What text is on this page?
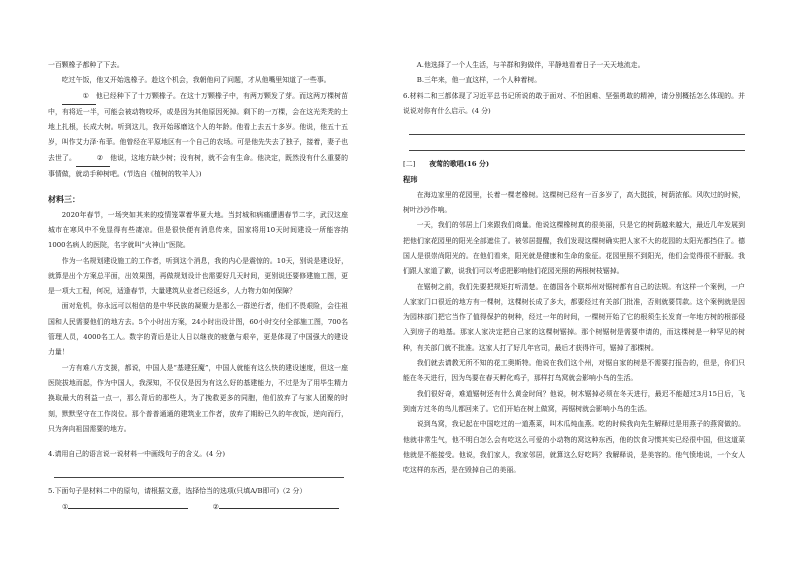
一百颗橡子都种了下去。

吃过午饭，他又开始选橡子。趁这个机会，我朝他问了问题，才从他嘴里知道了一些事。

① 他已经种下了十万颗橡子。在这十万颗橡子中，有两万颗发了芽。而这两万棵树苗中，有将近一半，可能会被动物咬坏，或是因为其他原因死掉。剩下的一万棵，会在这光秃秃的土地上扎根，长成大树。听到这儿，我开始琢磨这个人的年龄。他看上去五十多岁。他说，他五十五岁，叫作艾力泽·布菲。他曾经在平原地区有一个自己的农场。可是他先失去了独子，接着，妻子也去世了。	② 他说，这地方缺少树；没有树，就不会有生命。他决定，既然没有什么重要的事情做，就动手种树吧。(节选自《植树的牧羊人》)

材料三：

2020年春节，一场突如其来的疫情笼罩着华夏大地。当封城和病痛遭遇春节二字，武汉这座城市在寒风中不免显得有些凄凉。但是很快便有消息传来，国家将用10天时间建设一所能容纳1000名病人的医院，名字就叫“火神山”医院。

作为一名规划建设施工的工作者，听到这个消息，我的内心是震惊的。10天，别说是建设好，就算是出个方案总平面，出效果图，再做规划设计也需要好几天时间，更别说还要修建施工图，更是一项大工程，何况，适逢春节，大量建筑从业者已经返乡，人力物力如何保障？

面对危机，你永远可以相信的是中华民族的凝聚力是那么一群逆行者，他们不畏艰险，会往祖国和人民需要他们的地方去。5个小时出方案，24小时出设计图，60小时交付全部施工图，700名管理人员，4000名工人。数字的背后是让人日以继夜的疲惫与艰辛，更是体现了中国强大的建设力量！

一方有难八方支援，都说，中国人是“基建狂魔”，中国人就能有这么快的建设速度，但这一座医院拔地而起，作为中国人，我深知，不仅仅是因为有这么好的基建能力，不过是为了用毕生精力换取最大的利益一点一，那么背后的那些人，为了挽救更多的同胞，他们放弃了与家人团聚的时刻，默默坚守在工作岗位。那个普普通通的建筑业工作者，放弃了期盼已久的年夜饭，逆向而行，只为奔向祖国需要的地方。

4.请用自己的语言说一说材料一中画线句子的含义。(4 分)

5.下面句子是材料二中的原句，请根据文意，选择恰当的选项(只填A/B即可)（2 分）

①	②

A.他选择了一个人生活，与羊群和狗做伴，平静地看着日子一天天地流走。

B.三年来，他一直这样，一个人种着树。

6.材料二和三都体现了习近平总书记所说的敢于面对、不怕困难、坚强勇敢的精神，请分别概括怎么体现的。并说说对你有什么启示。(4 分)

[二] 夜莺的歌唱(16 分)

程玮

在海边家里的花园里，长着一棵老橡树。这棵树已经有一百多岁了，高大挺拔，树荫浓郁。风吹过的时候，树叶沙沙作响。

一天，我们的邻居上门来跟我们商量。他说这棵橡树真的很美丽，只是它的树荫越来越大，最近几年发展到把他们家花园里的阳光全部遮住了。被邻居提醒，我们发现这棵树确实把人家不大的花园的太阳光都挡住了。德国人是很崇尚阳光的。在他们看来，阳光就是健康和生命的象征。花园里照不到阳光，他们会觉得很不舒服。我们跟人家道了歉，说我们可以考虑把影响他们花园光照的两根树枝锯掉。

在锯树之前，我们先要把规矩打听清楚。在德国各个联邦州对锯树都有自己的法规。有这样一个案例，一户人家家门口很近的地方有一棵树，这棵树长成了多大，都要经过有关部门批准，否则就要罚款。这个案例就是因为园林部门把它当作了值得保护的树种，经过一年的时间，一棵树开始了它的根须生长发育一年地方树的根部侵入到房子的地基。那家人家决定把自己家的这棵树锯掉。那个树锯树是需要申请的，而这棵树是一种罕见的树种，有关部门就不批准。这家人打了好几年官司，最后才获得许可，锯掉了那棵树。

我们就去请教无所不知的花工奥斯特。他说在我们这个州，对锯自家的树是不需要打报告的，但是，你们只能在冬天进行，因为鸟要在春天孵化鸡子，那样打鸟窝就会影响小鸟的生活。

我们很好奇，难道锯树还有什么黄金时间？他说，树木锯掉必须在冬天进行，最迟不能超过3月15日后，飞到南方过冬的鸟儿都回来了。它们开始在树上做窝，再锯树就会影响小鸟的生活。

说到鸟窝，我记起在中国吃过的一道燕菜，叫木瓜炖血燕。吃的时候我向先生解释过是用燕子的燕窝做的。他就非常生气，他不明白怎么会有吃这么可爱的小动物的窝这种东西，他的饮食习惯其实已经很中国，但这道菜他就是不能接受。他说，我们家人，我家邻居，就算这么好吃吗？我解释说，是美容的。他气愤地说，一个女人吃这样的东西，是在毁掉自己的美丽。
